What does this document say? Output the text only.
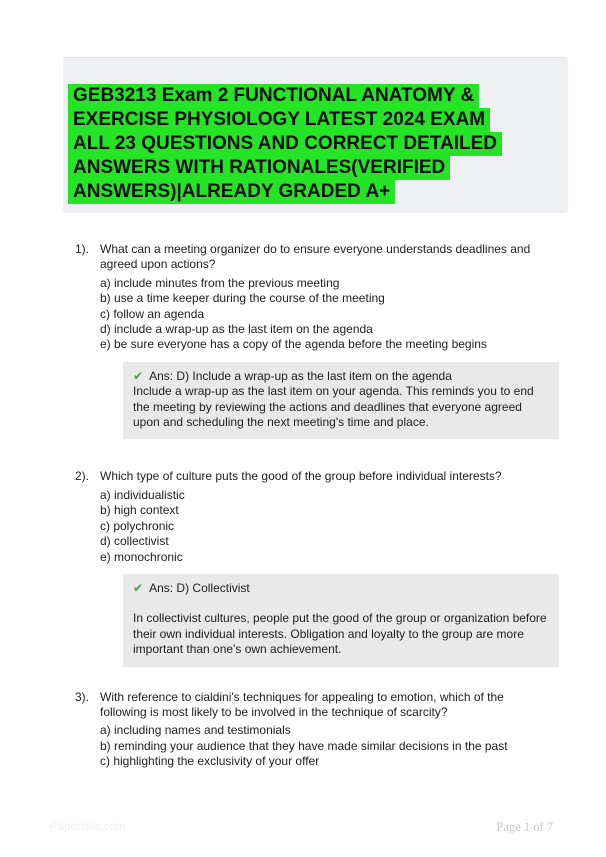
GEB3213 Exam 2 FUNCTIONAL ANATOMY & EXERCISE PHYSIOLOGY LATEST 2024 EXAM ALL 23 QUESTIONS AND CORRECT DETAILED ANSWERS WITH RATIONALES(VERIFIED ANSWERS)|ALREADY GRADED A+
1). What can a meeting organizer do to ensure everyone understands deadlines and agreed upon actions?
a) include minutes from the previous meeting
b) use a time keeper during the course of the meeting
c) follow an agenda
d) include a wrap-up as the last item on the agenda
e) be sure everyone has a copy of the agenda before the meeting begins
✔ Ans: D) Include a wrap-up as the last item on the agenda
Include a wrap-up as the last item on your agenda. This reminds you to end the meeting by reviewing the actions and deadlines that everyone agreed upon and scheduling the next meeting's time and place.
2). Which type of culture puts the good of the group before individual interests?
a) individualistic
b) high context
c) polychronic
d) collectivist
e) monochronic
✔ Ans: D) Collectivist
In collectivist cultures, people put the good of the group or organization before their own individual interests. Obligation and loyalty to the group are more important than one's own achievement.
3). With reference to cialdini's techniques for appealing to emotion, which of the following is most likely to be involved in the technique of scarcity?
a) including names and testimonials
b) reminding your audience that they have made similar decisions in the past
c) highlighting the exclusivity of your offer
Paperstlic.com	Page 1 of 7
